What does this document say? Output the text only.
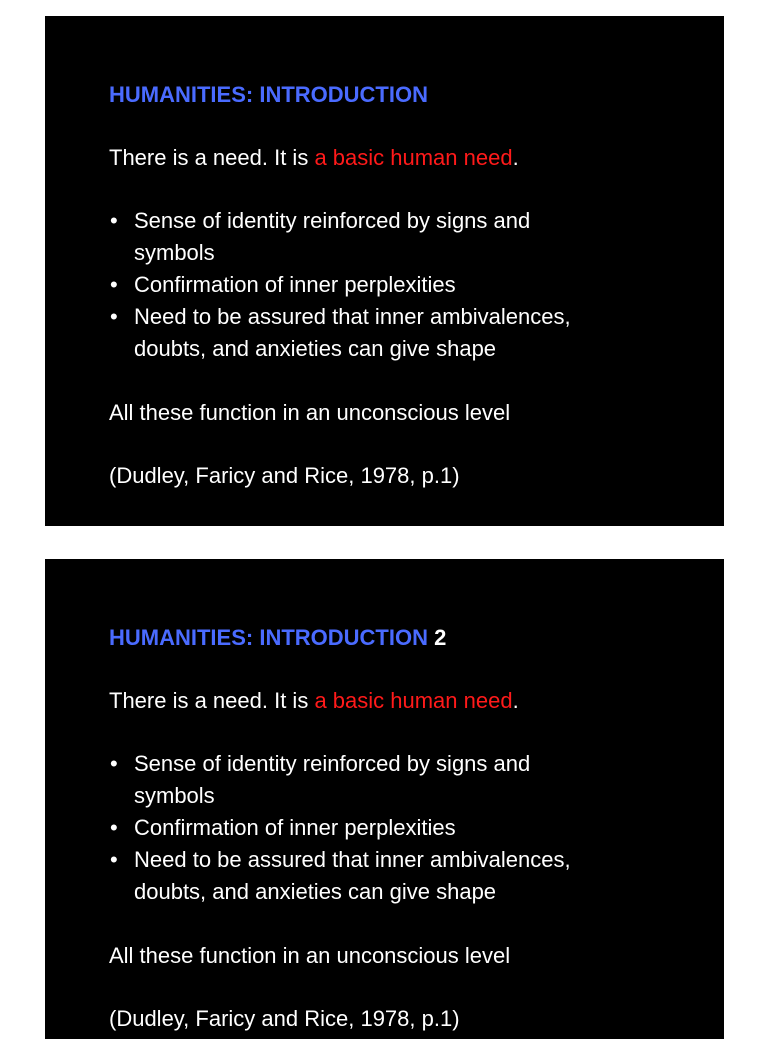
HUMANITIES: INTRODUCTION
There is a need. It is a basic human need.
• Sense of identity reinforced by signs and
symbols
• Confirmation of inner perplexities
• Need to be assured that inner ambivalences,
doubts, and anxieties can give shape
All these function in an unconscious level
(Dudley, Faricy and Rice, 1978, p.1)
HUMANITIES: INTRODUCTION 2
There is a need. It is a basic human need.
• Sense of identity reinforced by signs and
symbols
• Confirmation of inner perplexities
• Need to be assured that inner ambivalences,
doubts, and anxieties can give shape
All these function in an unconscious level
(Dudley, Faricy and Rice, 1978, p.1)
